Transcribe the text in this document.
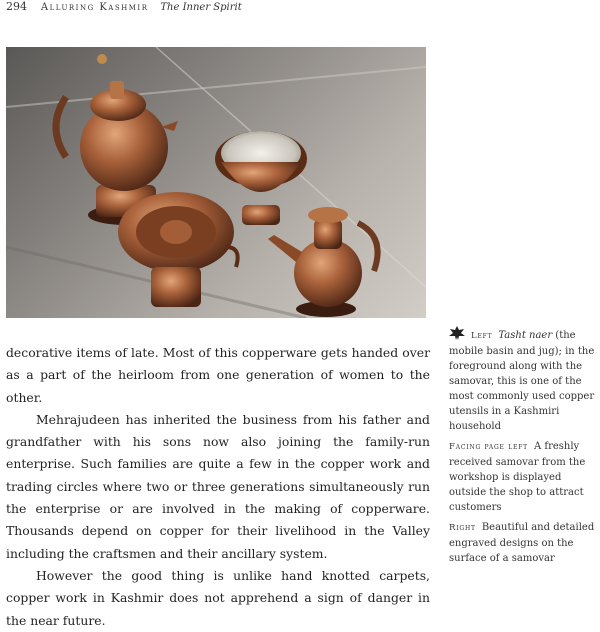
294 Alluring Kashmir The Inner Spirit

decorative items of late. Most of this copperware gets handed over as a part of the heirloom from one generation of women to the other.

Mehrajudeen has inherited the business from his father and grandfather with his sons now also joining the family-run enterprise. Such families are quite a few in the copper work and trading circles where two or three generations simultaneously run the enterprise or are involved in the making of copperware. Thousands depend on copper for their livelihood in the Valley including the craftsmen and their ancillary system.

However the good thing is unlike hand knotted carpets, copper work in Kashmir does not apprehend a sign of danger in the near future.

Left Tasht naer (the mobile basin and jug); in the foreground along with the samovar, this is one of the most commonly used copper utensils in a Kashmiri household

Facing page left A freshly received samovar from the workshop is displayed outside the shop to attract customers

Right Beautiful and detailed engraved designs on the surface of a samovar
